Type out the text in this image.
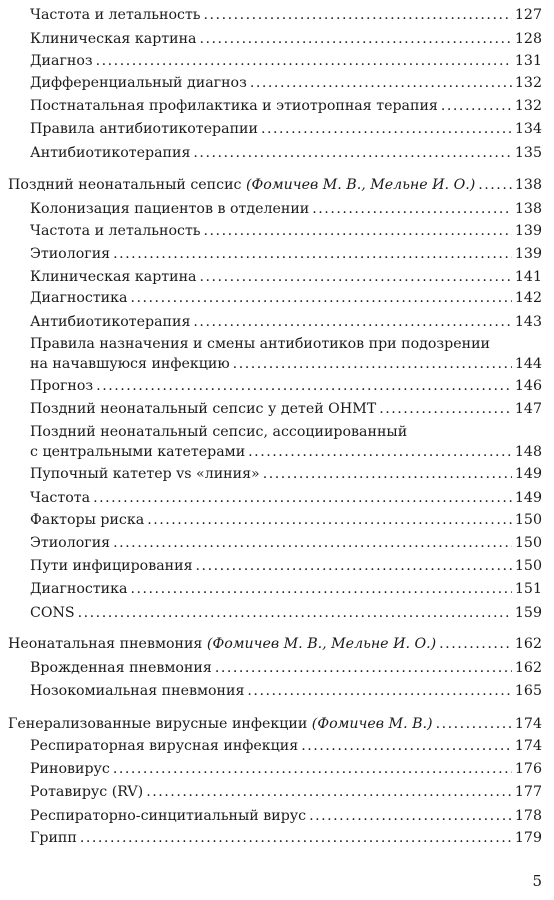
Частота и летальность . . .	127
Клиническая картина . . .	128
Диагноз . . .	131
Дифференциальный диагноз . . .	132
Постнатальная профилактика и этиотропная терапия . . .	132
Правила антибиотикотерапии . . .	134
Антибиотикотерапия . . .	135
Поздний неонатальный сепсис (Фомичев М. В., Мельне И. О.) . . .	138
Колонизация пациентов в отделении . . .	138
Частота и летальность . . .	139
Этиология . . .	139
Клиническая картина . . .	141
Диагностика . . .	142
Антибиотикотерапия . . .	143
Правила назначения и смены антибиотиков при подозрении
на начавшуюся инфекцию . . .	144
Прогноз . . .	146
Поздний неонатальный сепсис у детей ОНМТ . . .	147
Поздний неонатальный сепсис, ассоциированный
с центральными катетерами . . .	148
Пупочный катетер vs «линия» . . .	149
Частота . . .	149
Факторы риска . . .	150
Этиология . . .	150
Пути инфицирования . . .	150
Диагностика . . .	151
CONS . . .	159
Неонатальная пневмония (Фомичев М. В., Мельне И. О.) . . .	162
Врожденная пневмония . . .	162
Нозокомиальная пневмония . . .	165
Генерализованные вирусные инфекции (Фомичев М. В.) . . .	174
Респираторная вирусная инфекция . . .	174
Риновирус . . .	176
Ротавирус (RV) . . .	177
Респираторно-синцитиальный вирус . . .	178
Грипп . . .	179
5
